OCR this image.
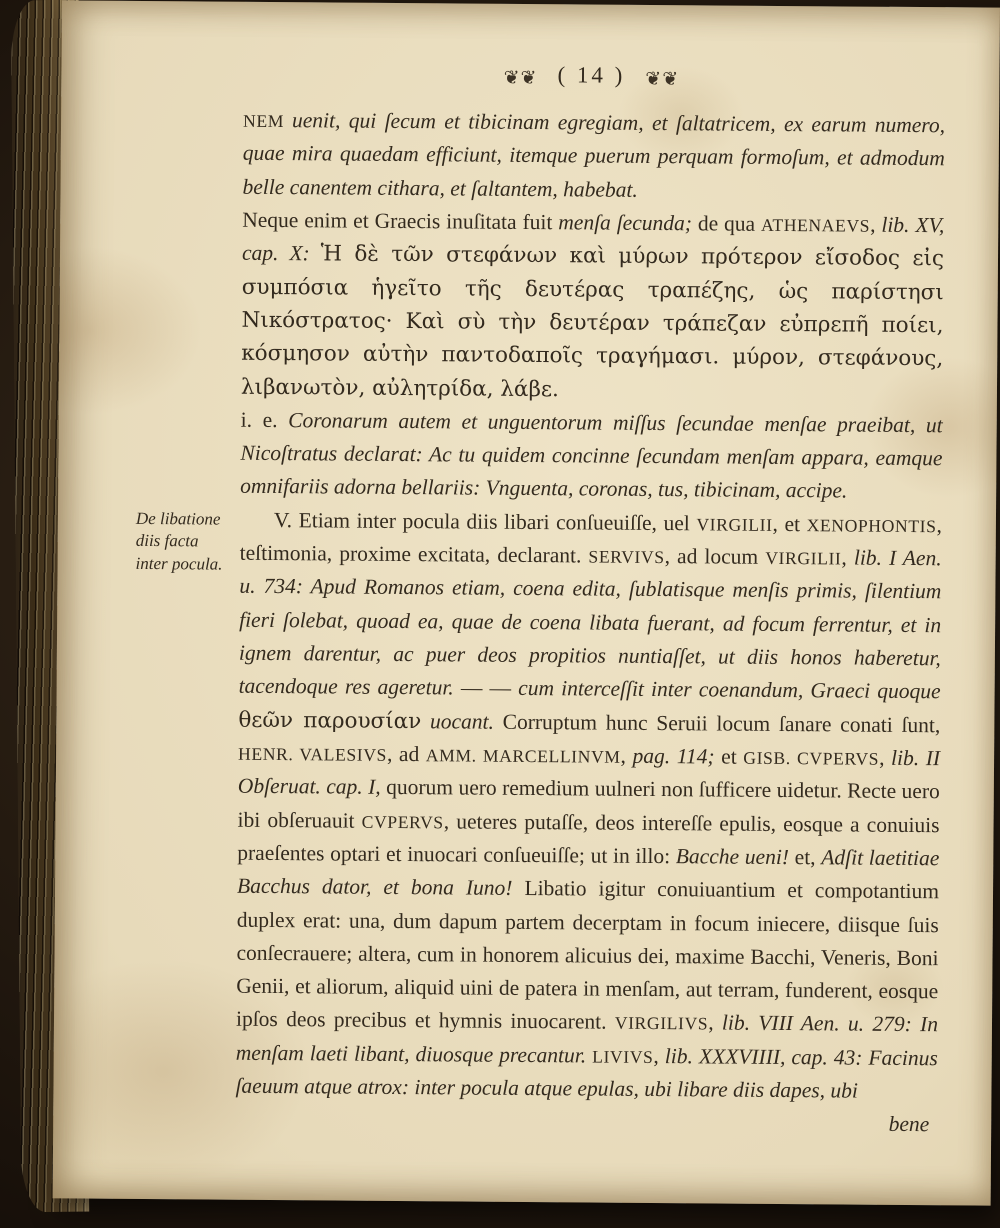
❦❦ ( 14 ) ❦❦

NEM uenit, qui ſecum et tibicinam egregiam, et ſaltatricem, ex earum numero, quae mira quaedam efficiunt, itemque puerum perquam formoſum, et admodum belle canentem cithara, et ſaltantem, habebat.

Neque enim et Graecis inuſitata fuit menſa ſecunda; de qua ATHENAEVS, lib. XV, cap. X: Ἡ δὲ τῶν στεφάνων καὶ μύρων πρότερον εἴσοδος εἰς συμπόσια ἡγεῖτο τῆς δευτέρας τραπέζης, ὡς παρίστησι Νικόστρατος· Καὶ σὺ τὴν δευτέραν τράπεζαν εὐπρεπῆ ποίει, κόσμησον αὐτὴν παντοδαποῖς τραγήμασι. μύρον, στεφάνους, λιβανωτὸν, αὐλητρίδα, λάβε.

i. e. Coronarum autem et unguentorum miſſus ſecundae menſae praeibat, ut Nicoſtratus declarat: Ac tu quidem concinne ſecundam menſam appara, eamque omnifariis adorna bellariis: Vnguenta, coronas, tus, tibicinam, accipe.

De libatione diis facta inter pocula.

V. Etiam inter pocula diis libari conſueuiſſe, uel VIRGILII, et XENOPHONTIS, teſtimonia, proxime excitata, declarant. SERVIVS, ad locum VIRGILII, lib. I Aen. u. 734: Apud Romanos etiam, coena edita, ſublatisque menſis primis, ſilentium fieri ſolebat, quoad ea, quae de coena libata fuerant, ad focum ferrentur, et in ignem darentur, ac puer deos propitios nuntiaſſet, ut diis honos haberetur, tacendoque res ageretur. — — cum interceſſit inter coenandum, Graeci quoque θεῶν παρουσίαν uocant. Corruptum hunc Seruii locum ſanare conati ſunt, HENR. VALESIVS, ad AMM. MARCELLINVM, pag. 114; et GISB. CVPERVS, lib. II Obſeruat. cap. I, quorum uero remedium uulneri non ſufficere uidetur. Recte uero ibi obſeruauit CVPERVS, ueteres putaſſe, deos intereſſe epulis, eosque a conuiuis praeſentes optari et inuocari conſueuiſſe; ut in illo: Bacche ueni! et, Adſit laetitiae Bacchus dator, et bona Iuno! Libatio igitur conuiuantium et compotantium duplex erat: una, dum dapum partem decerptam in focum iniecere, diisque ſuis conſecrauere; altera, cum in honorem alicuius dei, maxime Bacchi, Veneris, Boni Genii, et aliorum, aliquid uini de patera in menſam, aut terram, funderent, eosque ipſos deos precibus et hymnis inuocarent. VIRGILIVS, lib. VIII Aen. u. 279: In menſam laeti libant, diuosque precantur. LIVIVS, lib. XXXVIIII, cap. 43: Facinus ſaeuum atque atrox: inter pocula atque epulas, ubi libare diis dapes, ubi

bene
